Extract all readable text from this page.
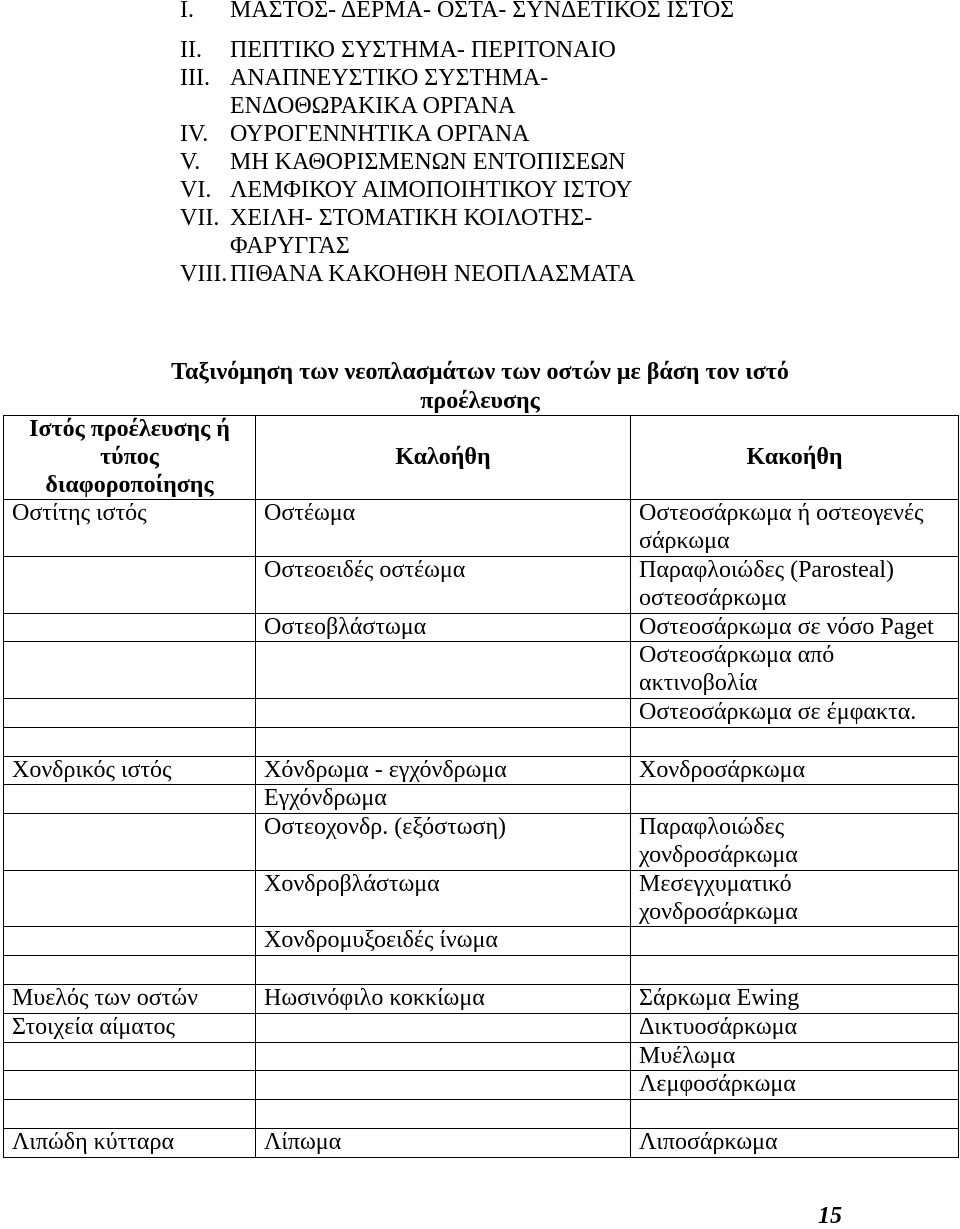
I.	ΜΑΣΤΟΣ- ΔΕΡΜΑ- ΟΣΤΑ- ΣΥΝΔΕΤΙΚΟΣ ΙΣΤΟΣ
II.	ΠΕΠΤΙΚΟ ΣΥΣΤΗΜΑ- ΠΕΡΙΤΟΝΑΙΟ
III. ΑΝΑΠΝΕΥΣΤΙΚΟ ΣΥΣΤΗΜΑ-
ΕΝΔΟΘΩΡΑΚΙΚΑ ΟΡΓΑΝΑ
IV. ΟΥΡΟΓΕΝΝΗΤΙΚΑ ΟΡΓΑΝΑ
V.	ΜΗ ΚΑΘΟΡΙΣΜΕΝΩΝ ΕΝΤΟΠΙΣΕΩΝ
VI. ΛΕΜΦΙΚΟΥ ΑΙΜΟΠΟΙΗΤΙΚΟΥ ΙΣΤΟΥ
VII. ΧΕΙΛΗ- ΣΤΟΜΑΤΙΚΗ ΚΟΙΛΟΤΗΣ-
ΦΑΡΥΓΓΑΣ
VIII. ΠΙΘΑΝΑ ΚΑΚΟΗΘΗ ΝΕΟΠΛΑΣΜΑΤΑ
Ταξινόμηση των νεοπλασμάτων των οστών με βάση τον ιστό
προέλευσης
Ιστός προέλευσης ή
τύπος
διαφοροποίησης	Καλοήθη	Κακοήθη

Οστίτης ιστός	Οστέωμα	Οστεοσάρκωμα ή οστεογενές
σάρκωμα

	Οστεοειδές οστέωμα	Παραφλοιώδες (Parosteal)
οστεοσάρκωμα

	Οστεοβλάστωμα	Οστεοσάρκωμα σε νόσο Paget

		Οστεοσάρκωμα από
ακτινοβολία

		Οστεοσάρκωμα σε έμφακτα.

Χονδρικός ιστός	Χόνδρωμα - εγχόνδρωμα	Χονδροσάρκωμα

	Εγχόνδρωμα	

	Οστεοχονδρ. (εξόστωση)	Παραφλοιώδες
χονδροσάρκωμα

	Χονδροβλάστωμα	Μεσεγχυματικό
χονδροσάρκωμα

	Χονδρομυξοειδές ίνωμα	

Μυελός των οστών	Ηωσινόφιλο κοκκίωμα	Σάρκωμα Ewing

Στοιχεία αίματος		Δικτυοσάρκωμα

		Μυέλωμα

		Λεμφοσάρκωμα

Λιπώδη κύτταρα	Λίπωμα	Λιποσάρκωμα
15
